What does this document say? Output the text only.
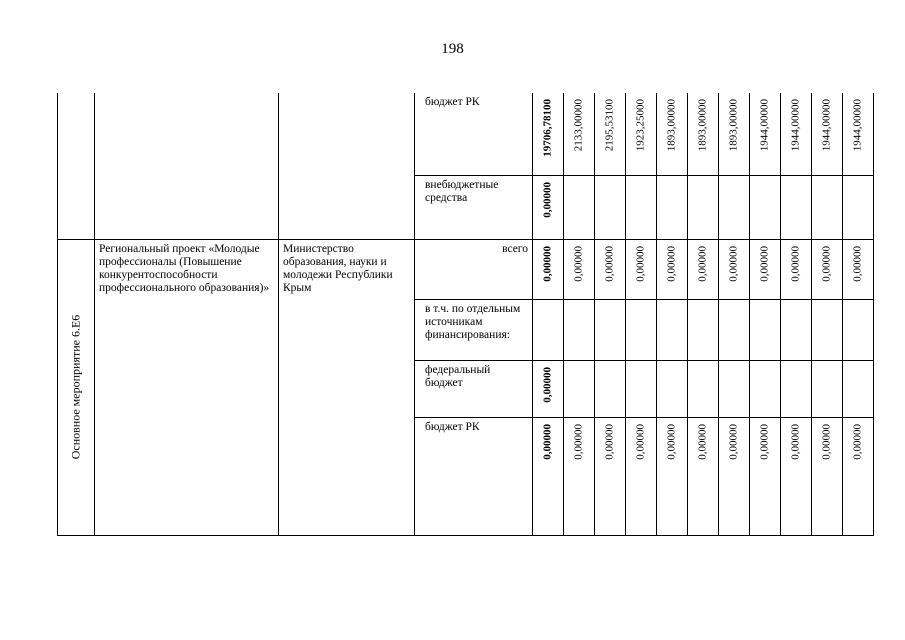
198

			бюджет РК	19706,78100	2133,00000	2195,53100	1923,25000	1893,00000	1893,00000	1893,00000	1944,00000	1944,00000	1944,00000	1944,00000

			внебюджетные средства	0,00000										

Основное мероприятие 6.Е6	Региональный проект «Молодые профессионалы (Повышение конкурентоспособности профессионального образования)»	Министерство образования, науки и молодежи Республики Крым	всего	0,00000	0,00000	0,00000	0,00000	0,00000	0,00000	0,00000	0,00000	0,00000	0,00000	0,00000

			в т.ч. по отдельным источникам финансирования:											

			федеральный бюджет	0,00000										

			бюджет РК	0,00000	0,00000	0,00000	0,00000	0,00000	0,00000	0,00000	0,00000	0,00000	0,00000	0,00000
